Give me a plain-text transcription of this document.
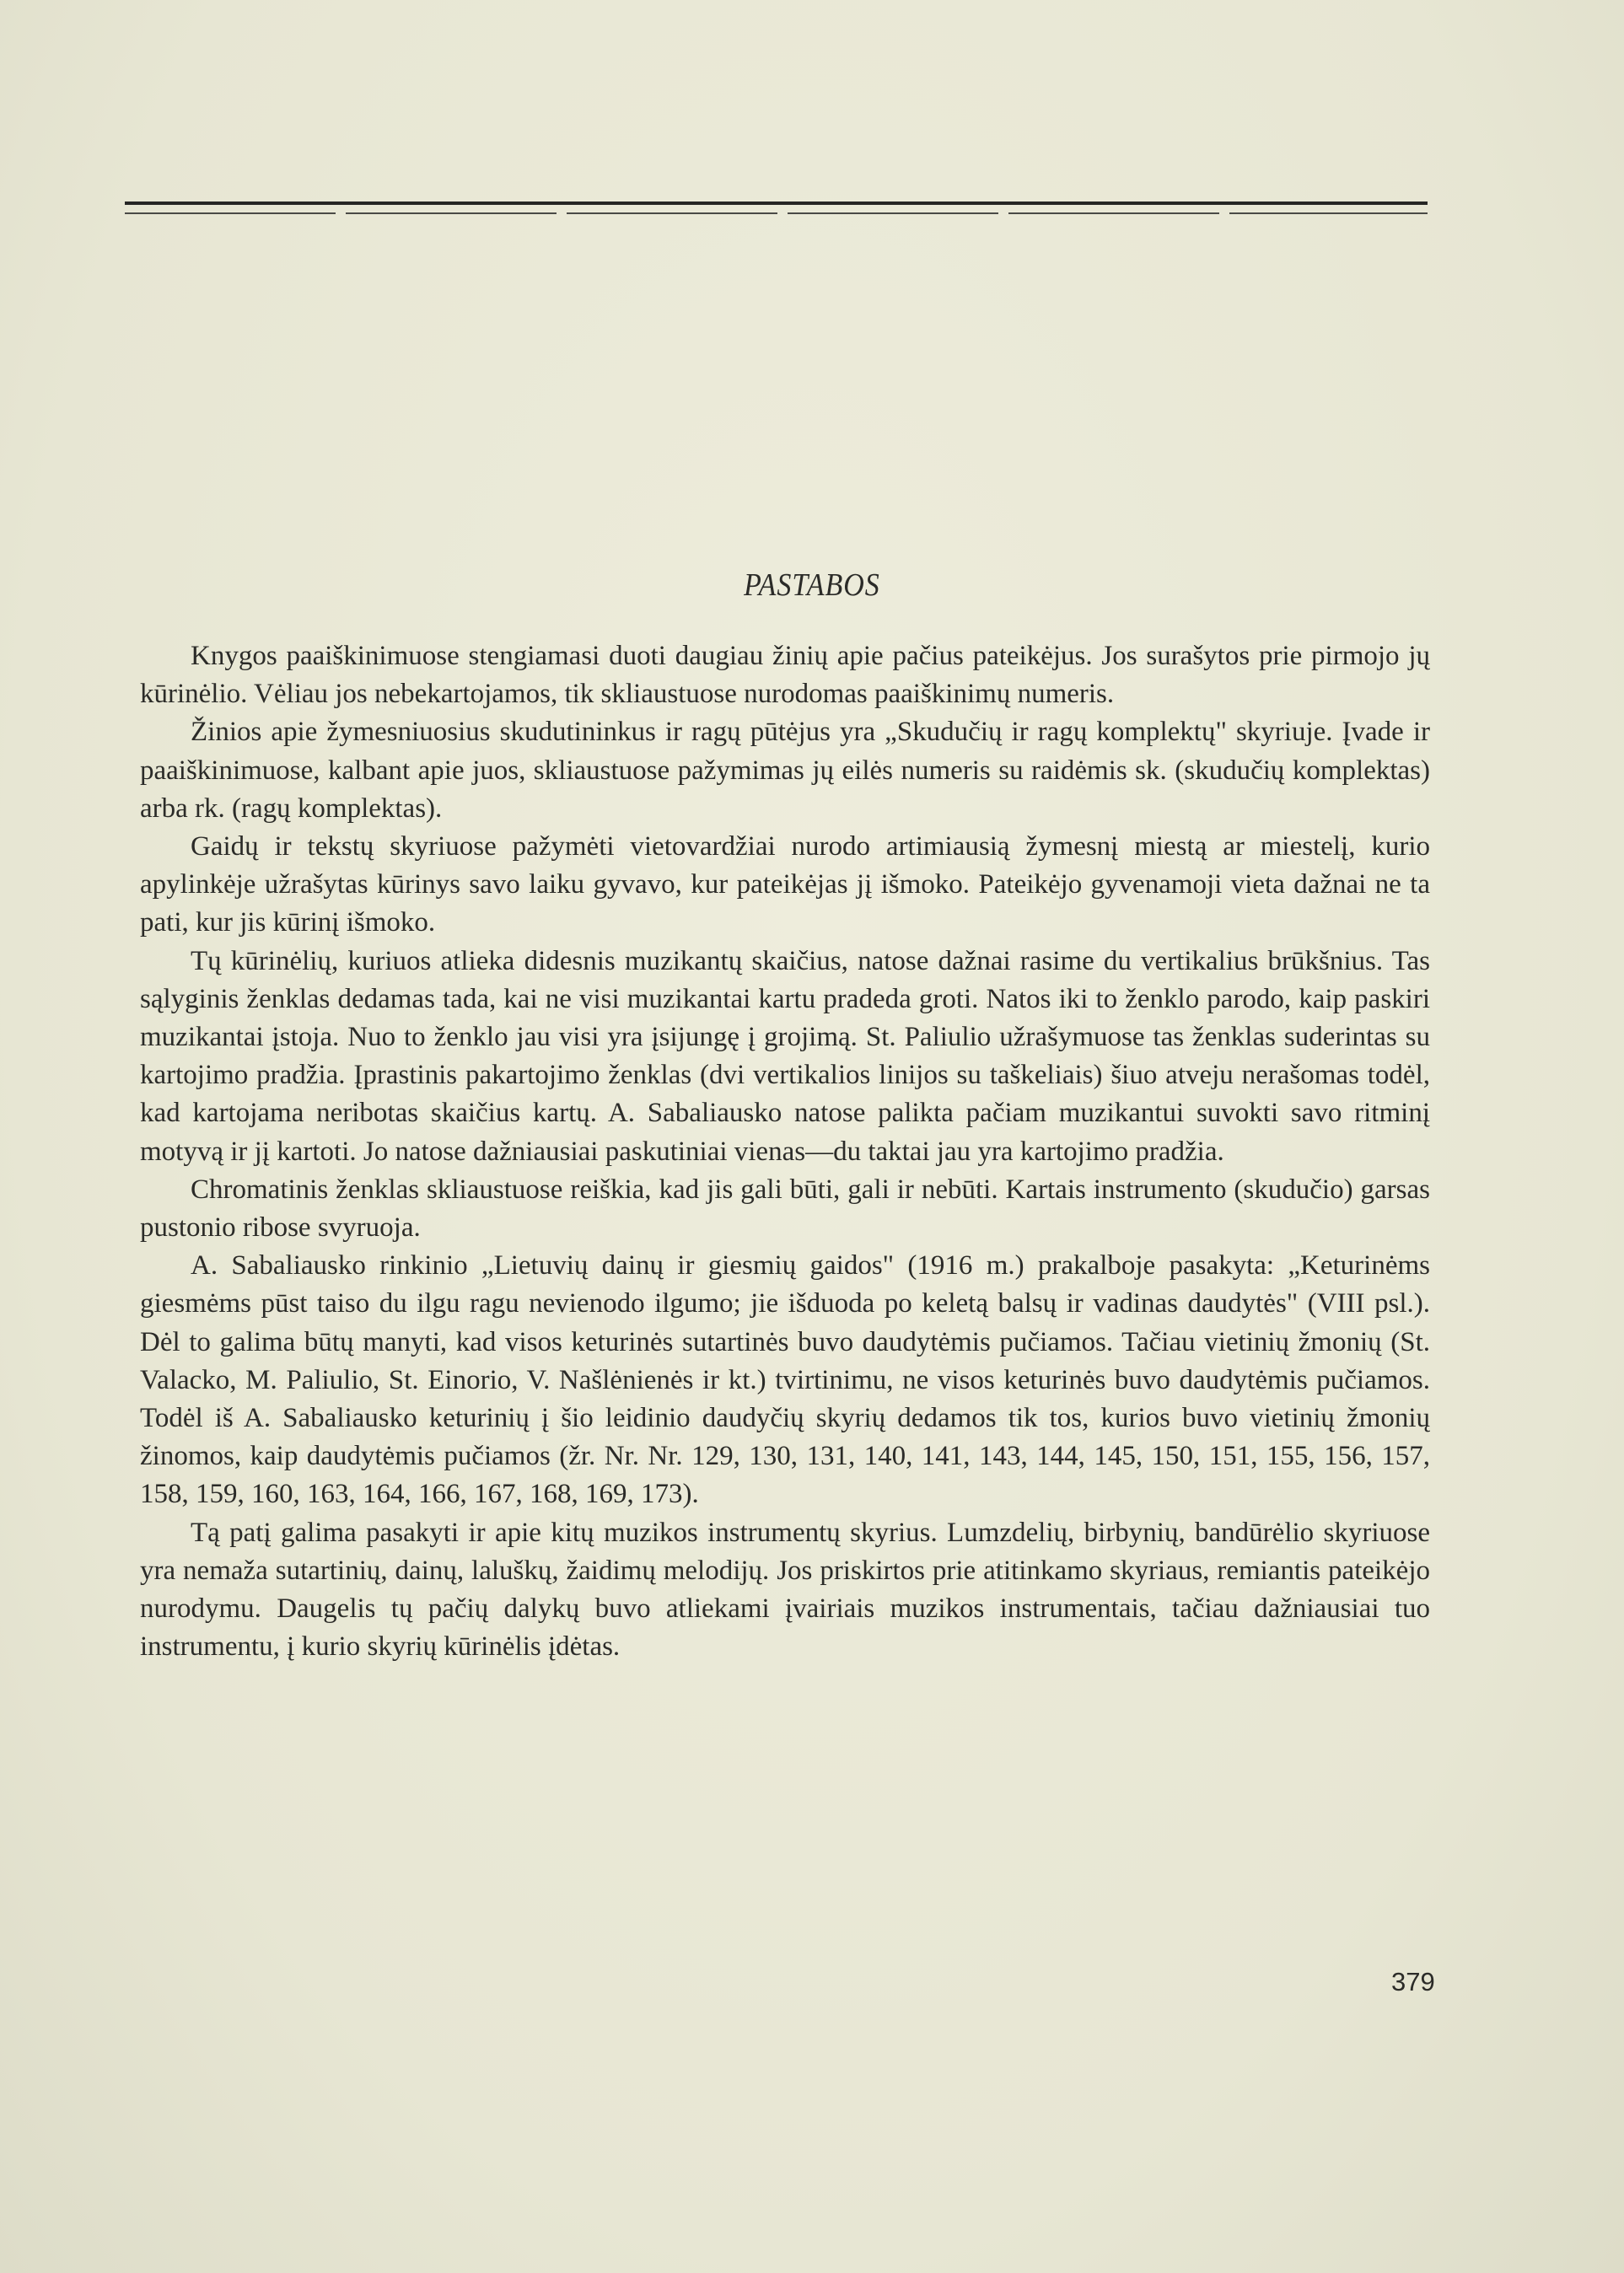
PASTABOS

Knygos paaiškinimuose stengiamasi duoti daugiau žinių apie pačius pateikėjus. Jos surašytos prie pirmojo jų kūrinėlio. Vėliau jos nebekartojamos, tik skliaustuose nurodomas paaiškinimų numeris.

Žinios apie žymesniuosius skudutininkus ir ragų pūtėjus yra „Skudučių ir ragų komplektų" skyriuje. Įvade ir paaiškinimuose, kalbant apie juos, skliaustuose pažymimas jų eilės numeris su raidėmis sk. (skudučių komplektas) arba rk. (ragų komplektas).

Gaidų ir tekstų skyriuose pažymėti vietovardžiai nurodo artimiausią žymesnį miestą ar miestelį, kurio apylinkėje užrašytas kūrinys savo laiku gyvavo, kur pateikėjas jį išmoko. Pateikėjo gyvenamoji vieta dažnai ne ta pati, kur jis kūrinį išmoko.

Tų kūrinėlių, kuriuos atlieka didesnis muzikantų skaičius, natose dažnai rasime du vertikalius brūkšnius. Tas sąlyginis ženklas dedamas tada, kai ne visi muzikantai kartu pradeda groti. Natos iki to ženklo parodo, kaip paskiri muzikantai įstoja. Nuo to ženklo jau visi yra įsijungę į grojimą. St. Paliulio užrašymuose tas ženklas suderintas su kartojimo pradžia. Įprastinis pakartojimo ženklas (dvi vertikalios linijos su taškeliais) šiuo atveju nerašomas todėl, kad kartojama neribotas skaičius kartų. A. Sabaliausko natose palikta pačiam muzikantui suvokti savo ritminį motyvą ir jį kartoti. Jo natose dažniausiai paskutiniai vienas—du taktai jau yra kartojimo pradžia.

Chromatinis ženklas skliaustuose reiškia, kad jis gali būti, gali ir nebūti. Kartais instrumento (skudučio) garsas pustonio ribose svyruoja.

A. Sabaliausko rinkinio „Lietuvių dainų ir giesmių gaidos" (1916 m.) prakalboje pasakyta: „Keturinėms giesmėms pūst taiso du ilgu ragu nevienodo ilgumo; jie išduoda po keletą balsų ir vadinas daudytės" (VIII psl.). Dėl to galima būtų manyti, kad visos keturinės sutartinės buvo daudytėmis pučiamos. Tačiau vietinių žmonių (St. Valacko, M. Paliulio, St. Einorio, V. Našlėnienės ir kt.) tvirtinimu, ne visos keturinės buvo daudytėmis pučiamos. Todėl iš A. Sabaliausko keturinių į šio leidinio daudyčių skyrių dedamos tik tos, kurios buvo vietinių žmonių žinomos, kaip daudytėmis pučiamos (žr. Nr. Nr. 129, 130, 131, 140, 141, 143, 144, 145, 150, 151, 155, 156, 157, 158, 159, 160, 163, 164, 166, 167, 168, 169, 173).

Tą patį galima pasakyti ir apie kitų muzikos instrumentų skyrius. Lumzdelių, birbynių, bandūrėlio skyriuose yra nemaža sutartinių, dainų, laluškų, žaidimų melodijų. Jos priskirtos prie atitinkamo skyriaus, remiantis pateikėjo nurodymu. Daugelis tų pačių dalykų buvo atliekami įvairiais muzikos instrumentais, tačiau dažniausiai tuo instrumentu, į kurio skyrių kūrinėlis įdėtas.

379
